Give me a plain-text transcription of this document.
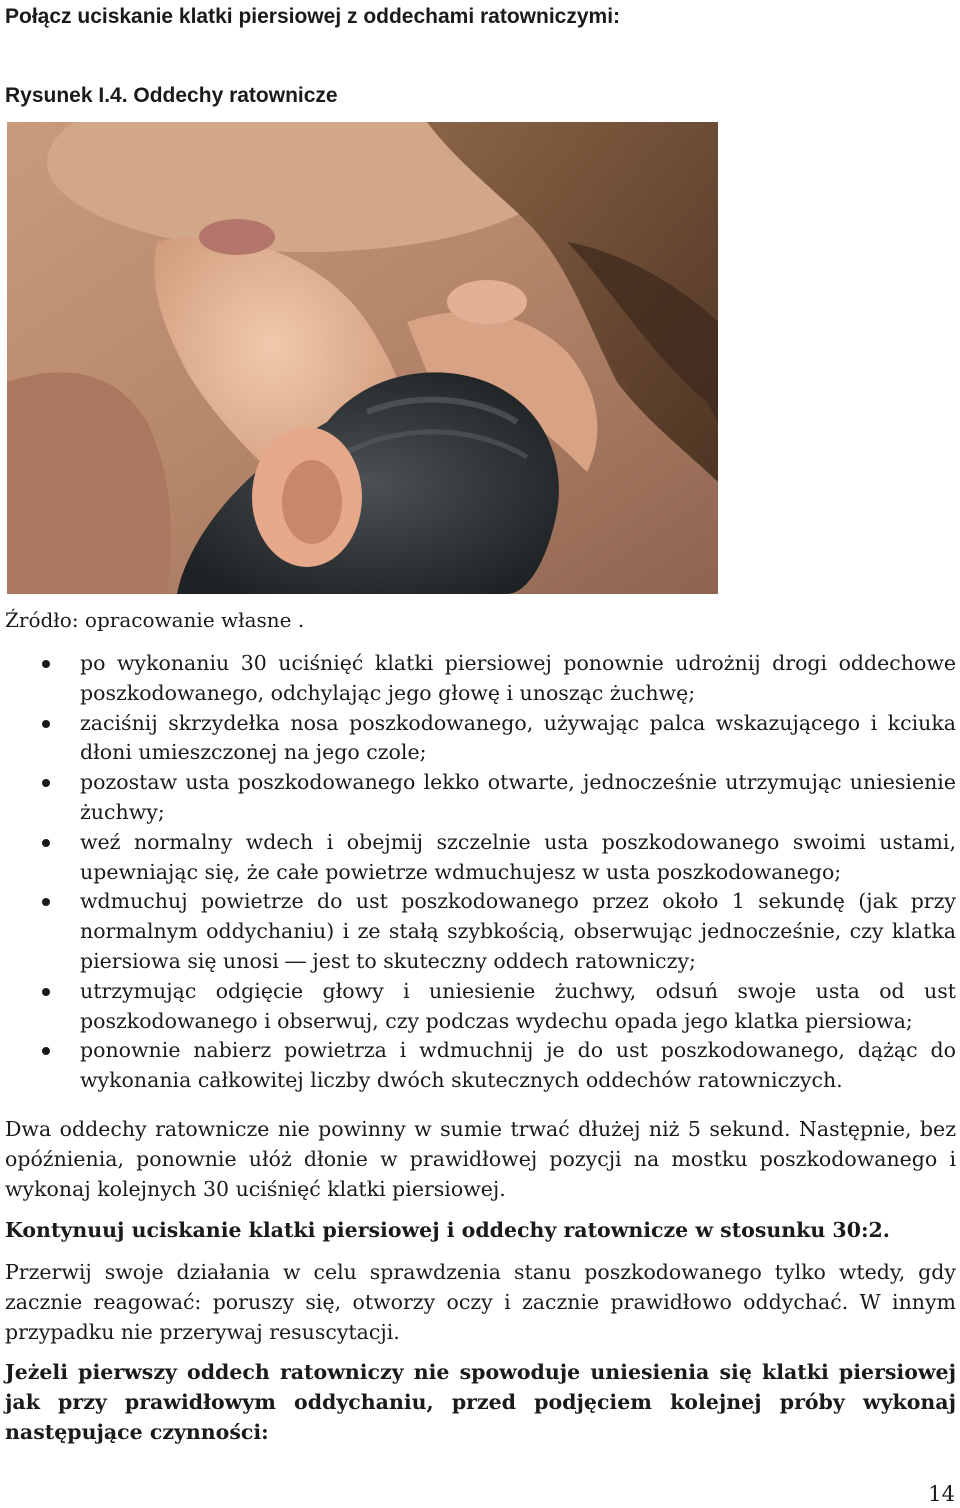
Połącz uciskanie klatki piersiowej z oddechami ratowniczymi:

Rysunek I.4. Oddechy ratownicze

Źródło: opracowanie własne .

po wykonaniu 30 uciśnięć klatki piersiowej ponownie udrożnij drogi oddechowe poszkodowanego, odchylając jego głowę i unosząc żuchwę;
zaciśnij skrzydełka nosa poszkodowanego, używając palca wskazującego i kciuka dłoni umieszczonej na jego czole;
pozostaw usta poszkodowanego lekko otwarte, jednocześnie utrzymując uniesienie żuchwy;
weź normalny wdech i obejmij szczelnie usta poszkodowanego swoimi ustami, upewniając się, że całe powietrze wdmuchujesz w usta poszkodowanego;
wdmuchuj powietrze do ust poszkodowanego przez około 1 sekundę (jak przy normalnym oddychaniu) i ze stałą szybkością, obserwując jednocześnie, czy klatka piersiowa się unosi ― jest to skuteczny oddech ratowniczy;
utrzymując odgięcie głowy i uniesienie żuchwy, odsuń swoje usta od ust poszkodowanego i obserwuj, czy podczas wydechu opada jego klatka piersiowa;
ponownie nabierz powietrza i wdmuchnij je do ust poszkodowanego, dążąc do wykonania całkowitej liczby dwóch skutecznych oddechów ratowniczych.

Dwa oddechy ratownicze nie powinny w sumie trwać dłużej niż 5 sekund. Następnie, bez opóźnienia, ponownie ułóż dłonie w prawidłowej pozycji na mostku poszkodowanego i wykonaj kolejnych 30 uciśnięć klatki piersiowej.

Kontynuuj uciskanie klatki piersiowej i oddechy ratownicze w stosunku 30:2.

Przerwij swoje działania w celu sprawdzenia stanu poszkodowanego tylko wtedy, gdy zacznie reagować: poruszy się, otworzy oczy i zacznie prawidłowo oddychać. W innym przypadku nie przerywaj resuscytacji.

Jeżeli pierwszy oddech ratowniczy nie spowoduje uniesienia się klatki piersiowej jak przy prawidłowym oddychaniu, przed podjęciem kolejnej próby wykonaj następujące czynności:

14
